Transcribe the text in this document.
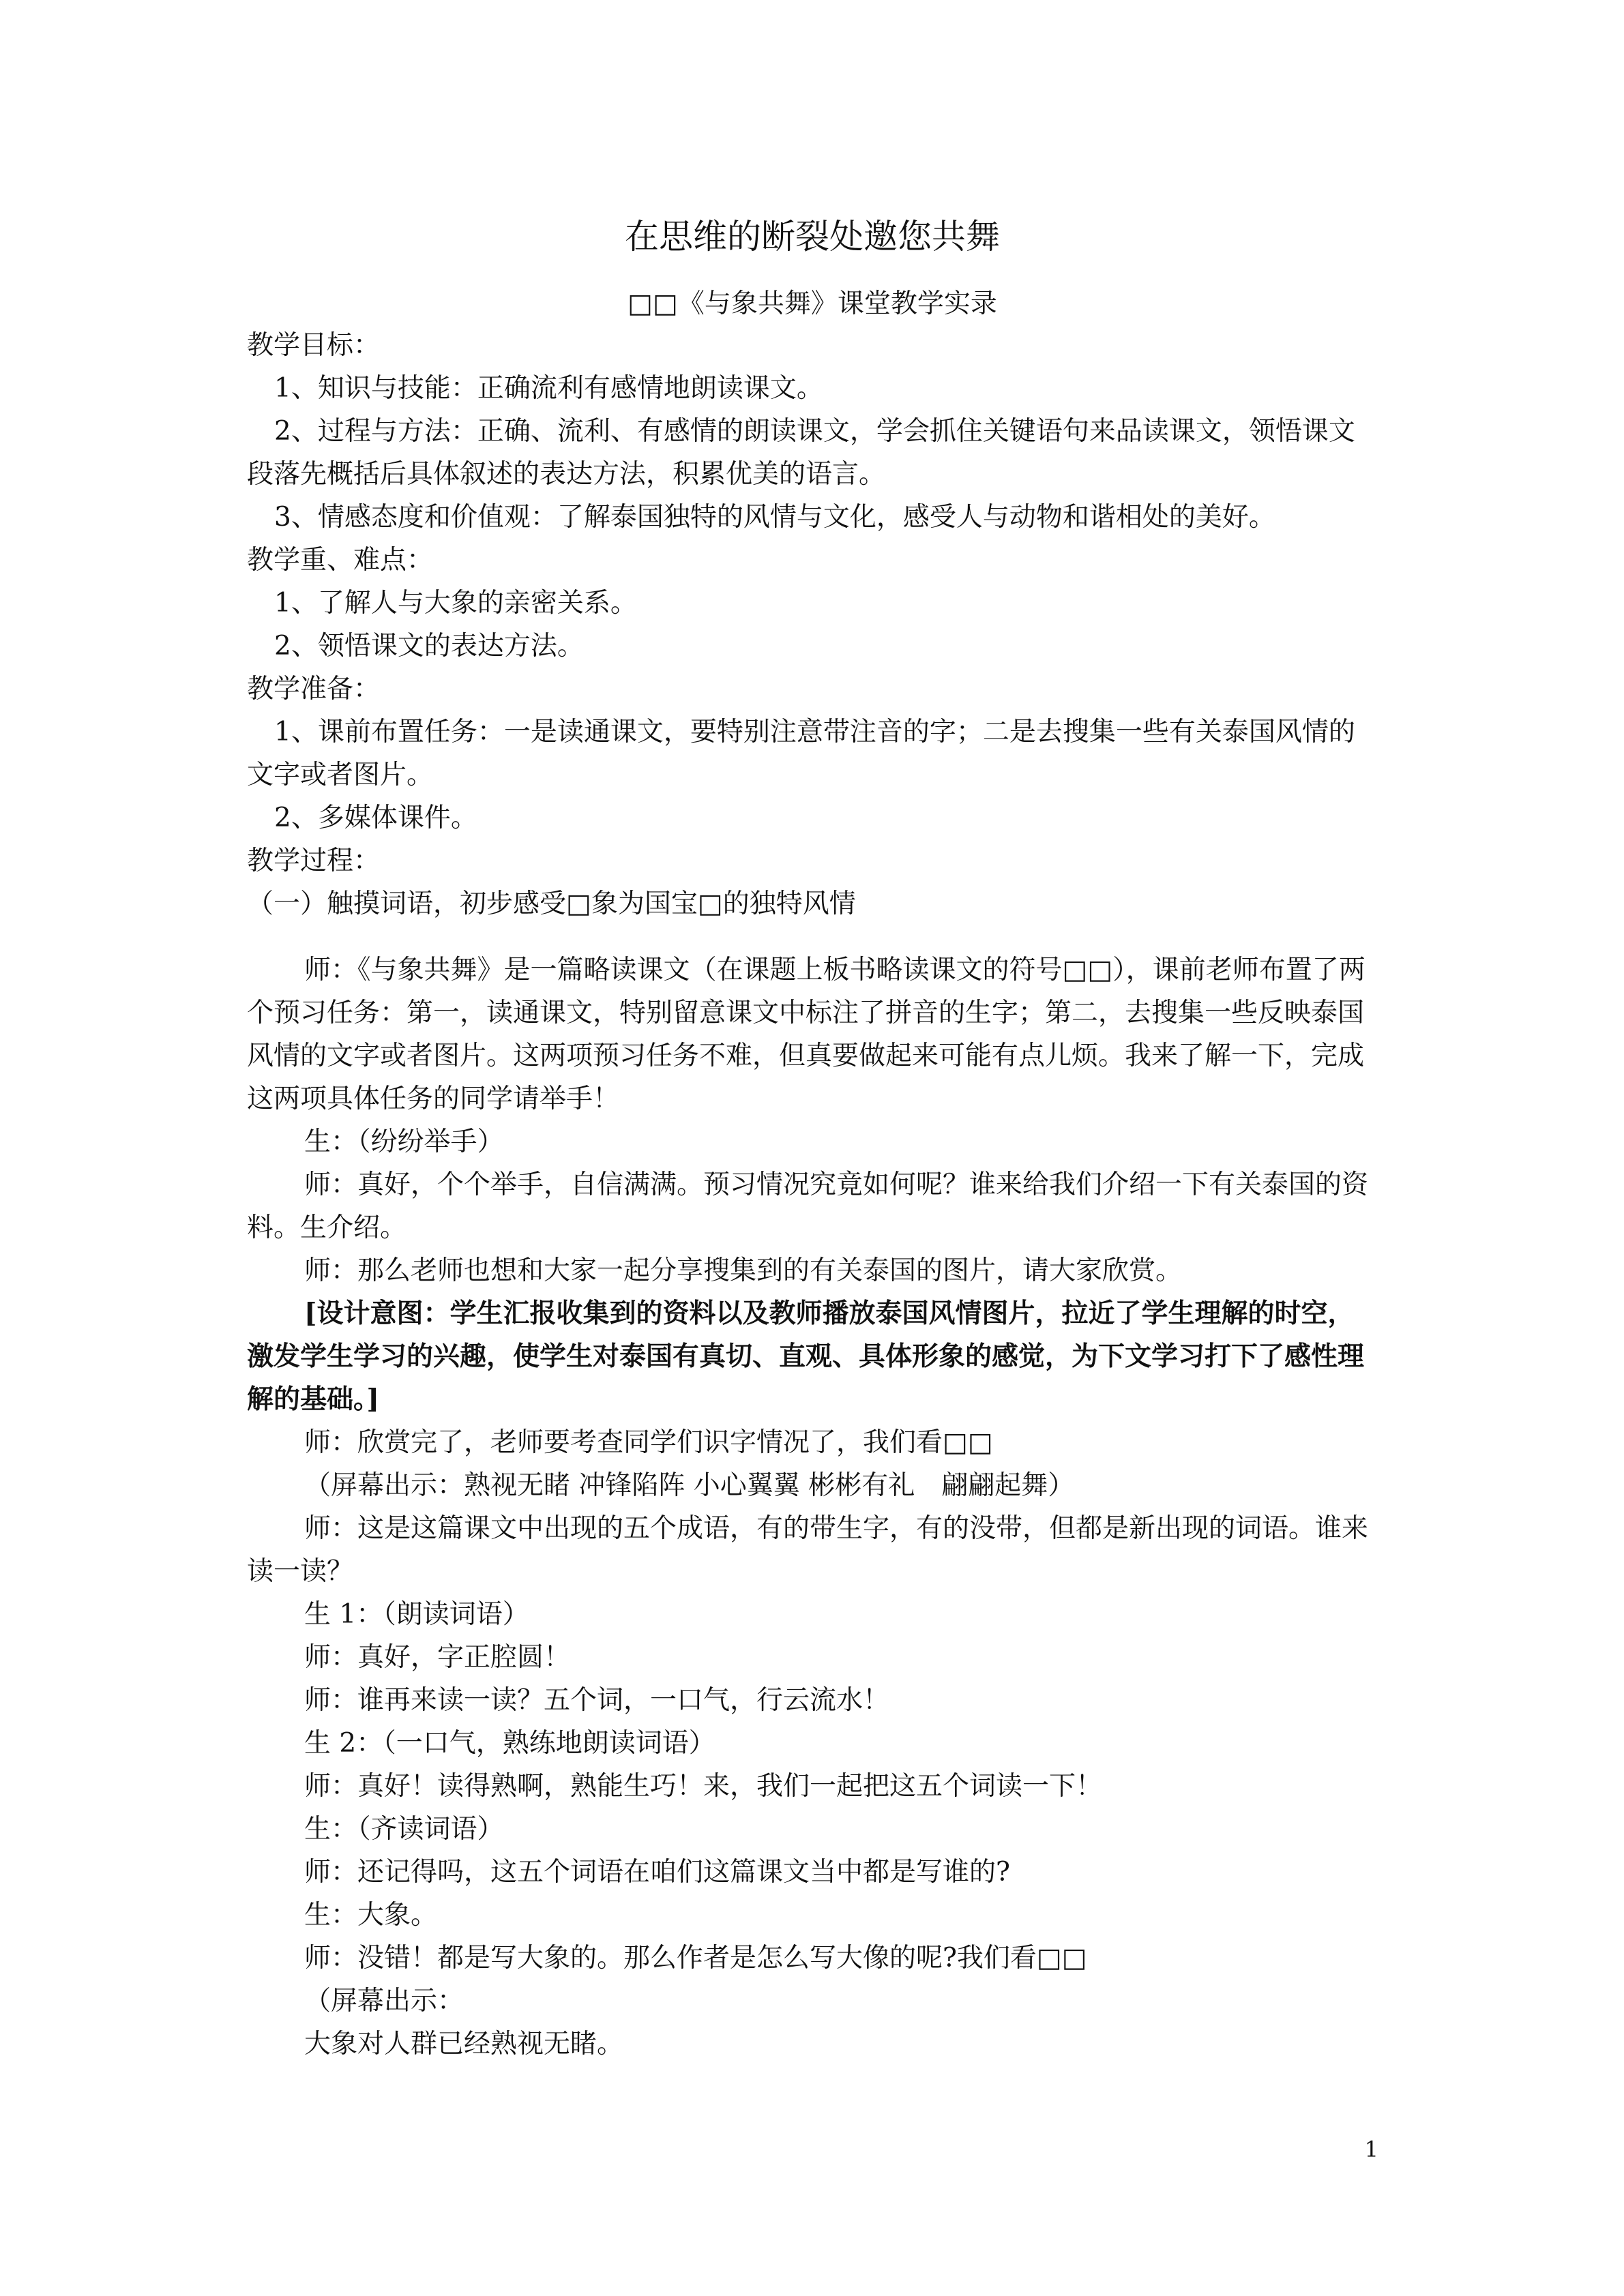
在思维的断裂处邀您共舞
□□《与象共舞》课堂教学实录

教学目标：

1、知识与技能：正确流利有感情地朗读课文。

2、过程与方法：正确、流利、有感情的朗读课文，学会抓住关键语句来品读课文，领悟课文段落先概括后具体叙述的表达方法，积累优美的语言。

3、情感态度和价值观：了解泰国独特的风情与文化，感受人与动物和谐相处的美好。

教学重、难点：

1、了解人与大象的亲密关系。

2、领悟课文的表达方法。

教学准备：

1、课前布置任务：一是读通课文，要特别注意带注音的字；二是去搜集一些有关泰国风情的文字或者图片。

2、多媒体课件。

教学过程：

（一）触摸词语，初步感受□象为国宝□的独特风情

师：《与象共舞》是一篇略读课文（在课题上板书略读课文的符号□□），课前老师布置了两个预习任务：第一，读通课文，特别留意课文中标注了拼音的生字；第二，去搜集一些反映泰国风情的文字或者图片。这两项预习任务不难，但真要做起来可能有点儿烦。我来了解一下，完成这两项具体任务的同学请举手！

生：（纷纷举手）

师：真好，个个举手，自信满满。预习情况究竟如何呢？谁来给我们介绍一下有关泰国的资料。生介绍。

师：那么老师也想和大家一起分享搜集到的有关泰国的图片，请大家欣赏。

[设计意图：学生汇报收集到的资料以及教师播放泰国风情图片，拉近了学生理解的时空，激发学生学习的兴趣，使学生对泰国有真切、直观、具体形象的感觉，为下文学习打下了感性理解的基础。]

师：欣赏完了，老师要考查同学们识字情况了，我们看□□

（屏幕出示：熟视无睹 冲锋陷阵 小心翼翼 彬彬有礼　翩翩起舞）

师：这是这篇课文中出现的五个成语，有的带生字，有的没带，但都是新出现的词语。谁来读一读？

生 1：（朗读词语）

师：真好，字正腔圆！

师：谁再来读一读？五个词，一口气，行云流水！

生 2：（一口气，熟练地朗读词语）

师：真好！读得熟啊，熟能生巧！来，我们一起把这五个词读一下！

生：（齐读词语）

师：还记得吗，这五个词语在咱们这篇课文当中都是写谁的?

生：大象。

师：没错！都是写大象的。那么作者是怎么写大像的呢?我们看□□

（屏幕出示：

大象对人群已经熟视无睹。

1
